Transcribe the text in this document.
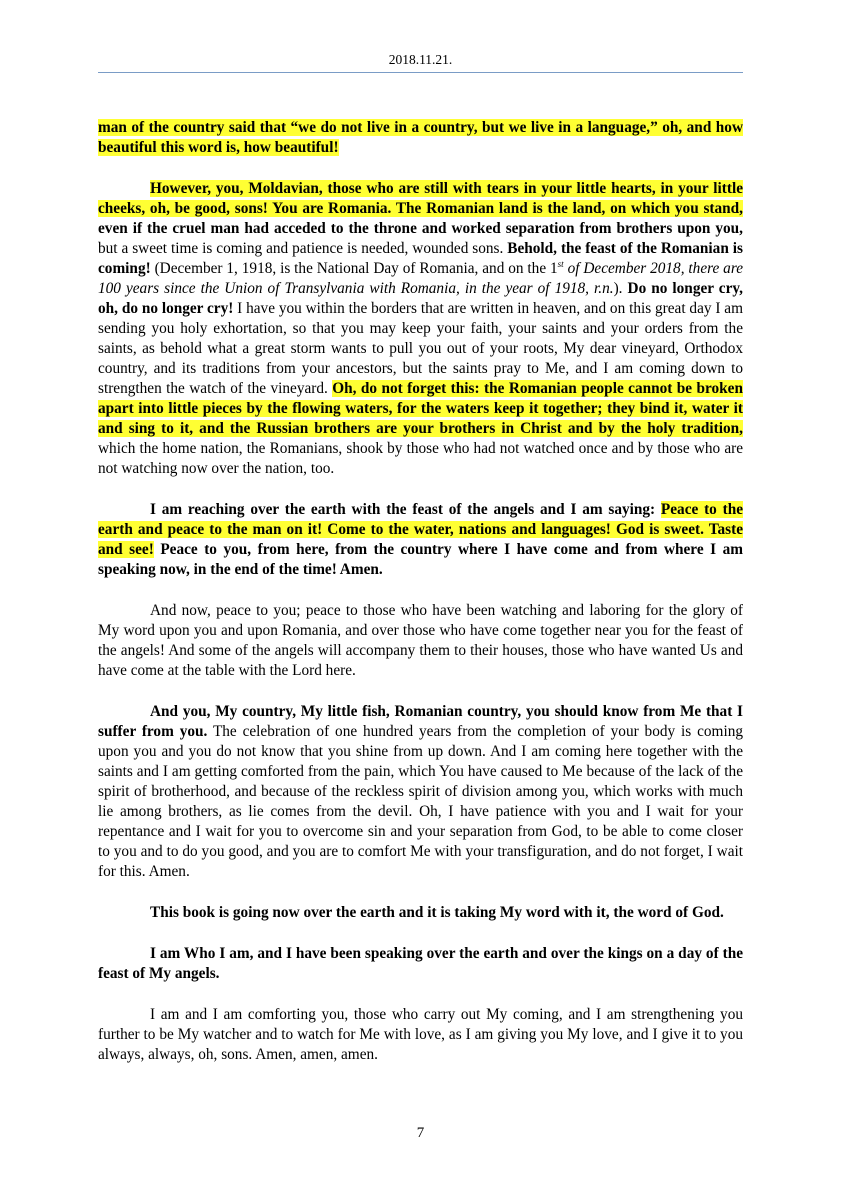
2018.11.21.

man of the country said that “we do not live in a country, but we live in a language,” oh, and how beautiful this word is, how beautiful!

However, you, Moldavian, those who are still with tears in your little hearts, in your little cheeks, oh, be good, sons! You are Romania. The Romanian land is the land, on which you stand, even if the cruel man had acceded to the throne and worked separation from brothers upon you, but a sweet time is coming and patience is needed, wounded sons. Behold, the feast of the Romanian is coming! (December 1, 1918, is the National Day of Romania, and on the 1st of December 2018, there are 100 years since the Union of Transylvania with Romania, in the year of 1918, r.n.). Do no longer cry, oh, do no longer cry! I have you within the borders that are written in heaven, and on this great day I am sending you holy exhortation, so that you may keep your faith, your saints and your orders from the saints, as behold what a great storm wants to pull you out of your roots, My dear vineyard, Orthodox country, and its traditions from your ancestors, but the saints pray to Me, and I am coming down to strengthen the watch of the vineyard. Oh, do not forget this: the Romanian people cannot be broken apart into little pieces by the flowing waters, for the waters keep it together; they bind it, water it and sing to it, and the Russian brothers are your brothers in Christ and by the holy tradition, which the home nation, the Romanians, shook by those who had not watched once and by those who are not watching now over the nation, too.

I am reaching over the earth with the feast of the angels and I am saying: Peace to the earth and peace to the man on it! Come to the water, nations and languages! God is sweet. Taste and see! Peace to you, from here, from the country where I have come and from where I am speaking now, in the end of the time! Amen.

And now, peace to you; peace to those who have been watching and laboring for the glory of My word upon you and upon Romania, and over those who have come together near you for the feast of the angels! And some of the angels will accompany them to their houses, those who have wanted Us and have come at the table with the Lord here.

And you, My country, My little fish, Romanian country, you should know from Me that I suffer from you. The celebration of one hundred years from the completion of your body is coming upon you and you do not know that you shine from up down. And I am coming here together with the saints and I am getting comforted from the pain, which You have caused to Me because of the lack of the spirit of brotherhood, and because of the reckless spirit of division among you, which works with much lie among brothers, as lie comes from the devil. Oh, I have patience with you and I wait for your repentance and I wait for you to overcome sin and your separation from God, to be able to come closer to you and to do you good, and you are to comfort Me with your transfiguration, and do not forget, I wait for this. Amen.

This book is going now over the earth and it is taking My word with it, the word of God.

I am Who I am, and I have been speaking over the earth and over the kings on a day of the feast of My angels.

I am and I am comforting you, those who carry out My coming, and I am strengthening you further to be My watcher and to watch for Me with love, as I am giving you My love, and I give it to you always, always, oh, sons. Amen, amen, amen.

7
